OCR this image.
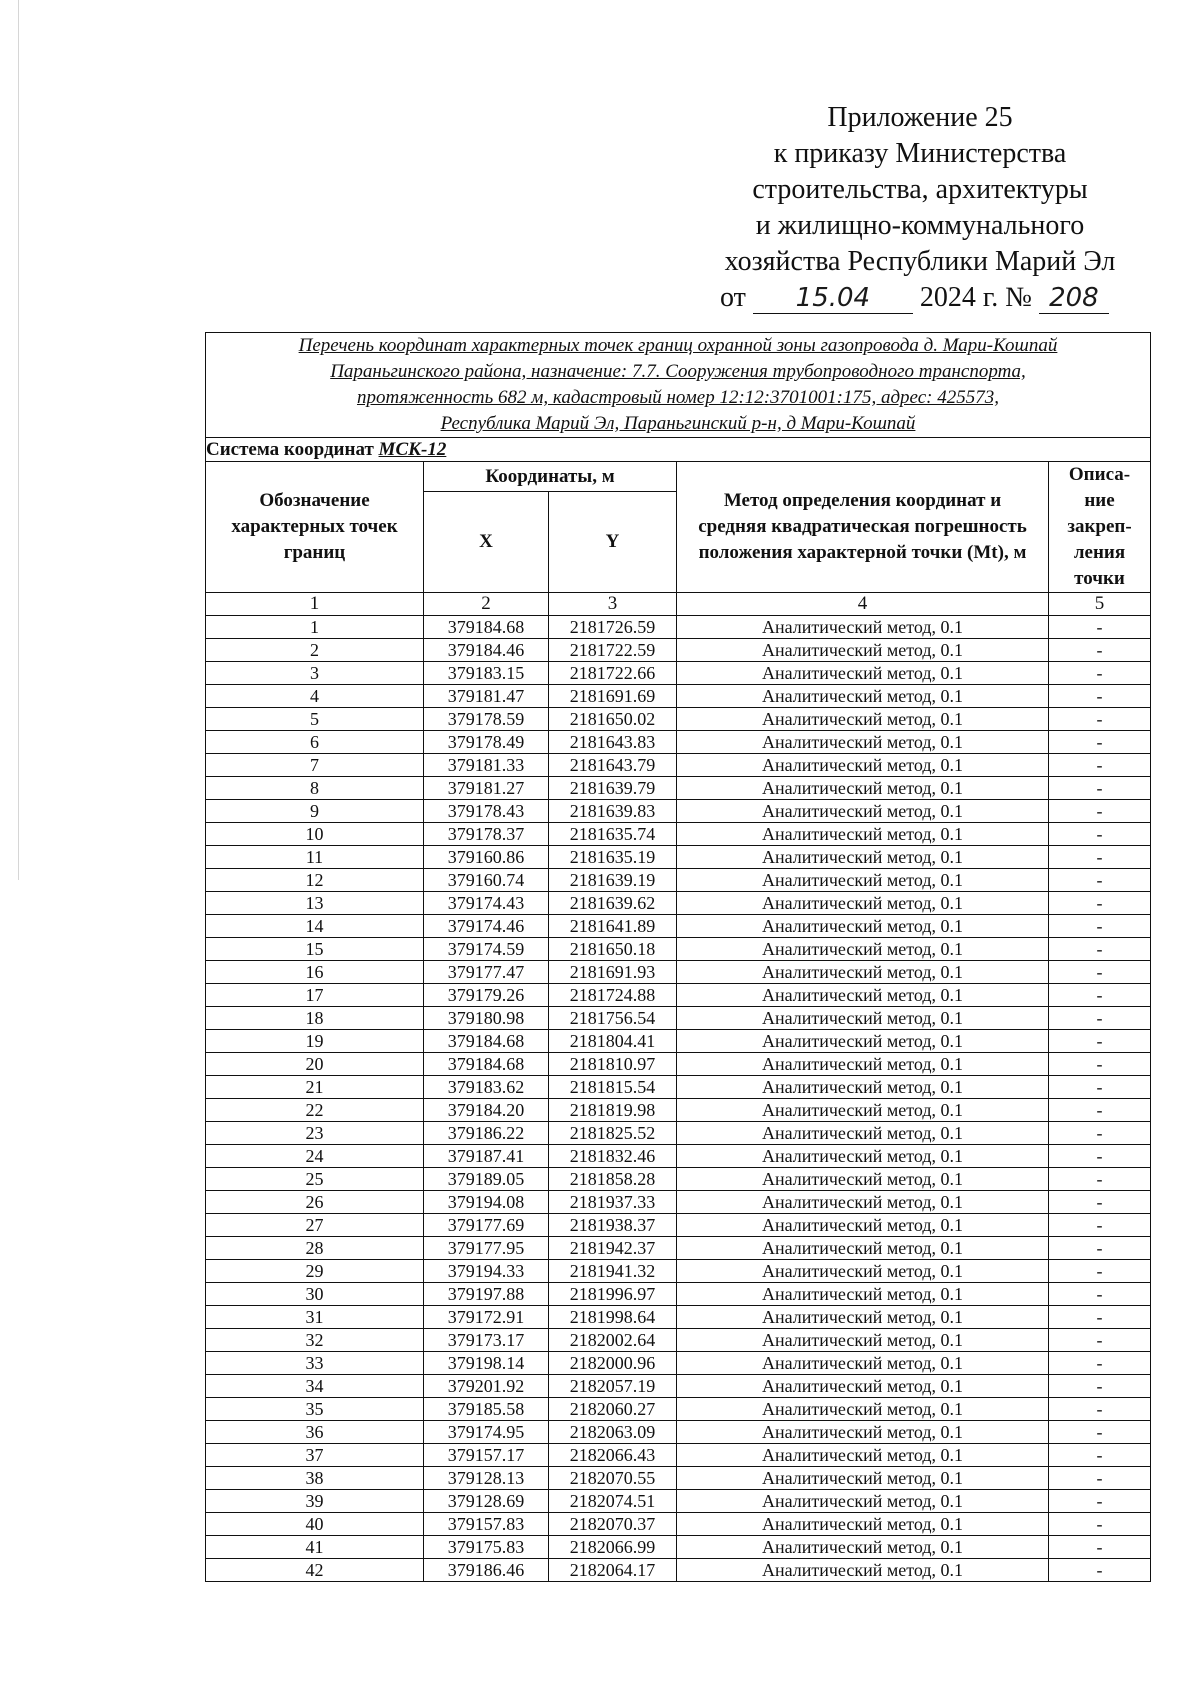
Приложение 25
к приказу Министерства
строительства, архитектуры
и жилищно-коммунального
хозяйства Республики Марий Эл
от 15.04 2024 г. № 208
Перечень координат характерных точек границ охранной зоны газопровода д. Мари-Кошпай
Параньгинского района, назначение: 7.7. Сооружения трубопроводного транспорта,
протяженность 682 м, кадастровый номер 12:12:3701001:175, адрес: 425573,
Республика Марий Эл, Параньгинский р-н, д Мари-Кошпай				

Система координат МСК-12				
Обозначение характерных точек границ	Координаты, м		Метод определения координат и средняя квадратическая погрешность положения характерной точки (Mt), м	Описа-
ние
закреп-
ления
точки

	X	Y		
1	2	3	4	5
1	379184.68	2181726.59	Аналитический метод, 0.1	-
2	379184.46	2181722.59	Аналитический метод, 0.1	-
3	379183.15	2181722.66	Аналитический метод, 0.1	-
4	379181.47	2181691.69	Аналитический метод, 0.1	-
5	379178.59	2181650.02	Аналитический метод, 0.1	-
6	379178.49	2181643.83	Аналитический метод, 0.1	-
7	379181.33	2181643.79	Аналитический метод, 0.1	-
8	379181.27	2181639.79	Аналитический метод, 0.1	-
9	379178.43	2181639.83	Аналитический метод, 0.1	-
10	379178.37	2181635.74	Аналитический метод, 0.1	-
11	379160.86	2181635.19	Аналитический метод, 0.1	-
12	379160.74	2181639.19	Аналитический метод, 0.1	-
13	379174.43	2181639.62	Аналитический метод, 0.1	-
14	379174.46	2181641.89	Аналитический метод, 0.1	-
15	379174.59	2181650.18	Аналитический метод, 0.1	-
16	379177.47	2181691.93	Аналитический метод, 0.1	-
17	379179.26	2181724.88	Аналитический метод, 0.1	-
18	379180.98	2181756.54	Аналитический метод, 0.1	-
19	379184.68	2181804.41	Аналитический метод, 0.1	-
20	379184.68	2181810.97	Аналитический метод, 0.1	-
21	379183.62	2181815.54	Аналитический метод, 0.1	-
22	379184.20	2181819.98	Аналитический метод, 0.1	-
23	379186.22	2181825.52	Аналитический метод, 0.1	-
24	379187.41	2181832.46	Аналитический метод, 0.1	-
25	379189.05	2181858.28	Аналитический метод, 0.1	-
26	379194.08	2181937.33	Аналитический метод, 0.1	-
27	379177.69	2181938.37	Аналитический метод, 0.1	-
28	379177.95	2181942.37	Аналитический метод, 0.1	-
29	379194.33	2181941.32	Аналитический метод, 0.1	-
30	379197.88	2181996.97	Аналитический метод, 0.1	-
31	379172.91	2181998.64	Аналитический метод, 0.1	-
32	379173.17	2182002.64	Аналитический метод, 0.1	-
33	379198.14	2182000.96	Аналитический метод, 0.1	-
34	379201.92	2182057.19	Аналитический метод, 0.1	-
35	379185.58	2182060.27	Аналитический метод, 0.1	-
36	379174.95	2182063.09	Аналитический метод, 0.1	-
37	379157.17	2182066.43	Аналитический метод, 0.1	-
38	379128.13	2182070.55	Аналитический метод, 0.1	-
39	379128.69	2182074.51	Аналитический метод, 0.1	-
40	379157.83	2182070.37	Аналитический метод, 0.1	-
41	379175.83	2182066.99	Аналитический метод, 0.1	-
42	379186.46	2182064.17	Аналитический метод, 0.1	-
